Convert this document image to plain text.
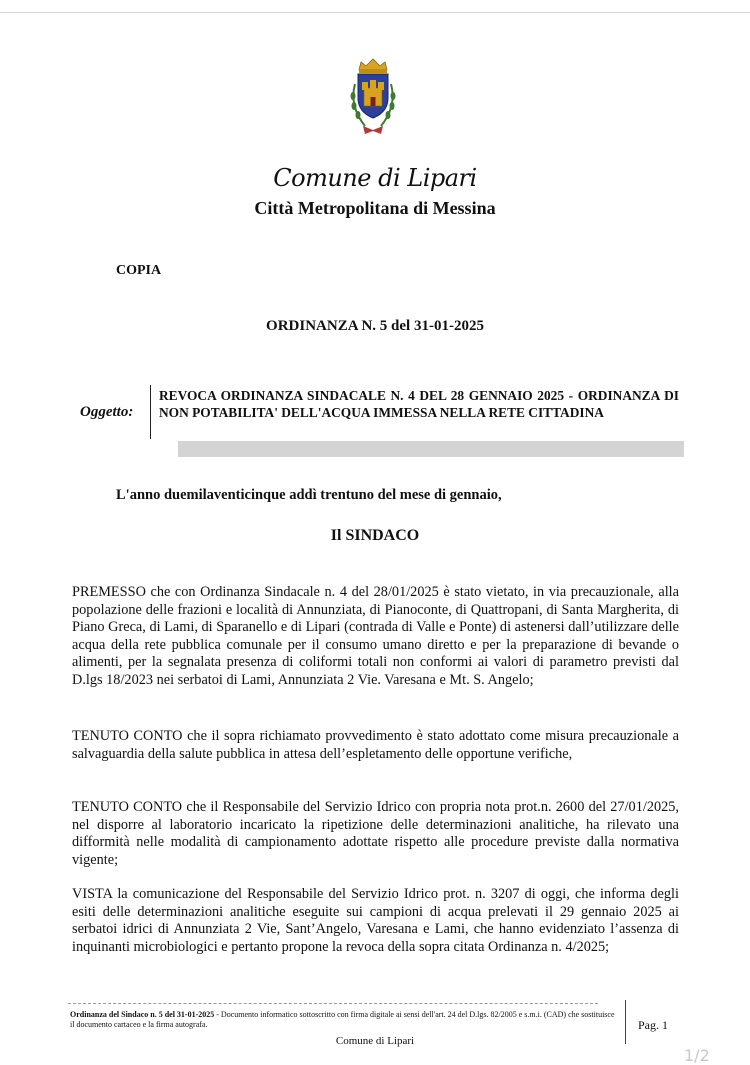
Comune di Lipari
Città Metropolitana di Messina
COPIA
ORDINANZA N. 5 del 31-01-2025
Oggetto:
REVOCA ORDINANZA SINDACALE N. 4 DEL 28 GENNAIO 2025 - ORDINANZA DI NON POTABILITA' DELL'ACQUA IMMESSA NELLA RETE CITTADINA
L'anno duemilaventicinque addì trentuno del mese di gennaio,
Il SINDACO

PREMESSO che con Ordinanza Sindacale n. 4 del 28/01/2025 è stato vietato, in via precauzionale, alla popolazione delle frazioni e località di Annunziata, di Pianoconte, di Quattropani, di Santa Margherita, di Piano Greca, di Lami, di Sparanello e di Lipari (contrada di Valle e Ponte) di astenersi dall’utilizzare delle acqua della rete pubblica comunale per il consumo umano diretto e per la preparazione di bevande o alimenti, per la segnalata presenza di coliformi totali non conformi ai valori di parametro previsti dal D.lgs 18/2023 nei serbatoi di Lami, Annunziata 2 Vie. Varesana e Mt. S. Angelo;

TENUTO CONTO che il sopra richiamato provvedimento è stato adottato come misura precauzionale a salvaguardia della salute pubblica in attesa dell’espletamento delle opportune verifiche,

TENUTO CONTO che il Responsabile del Servizio Idrico con propria nota prot.n. 2600 del 27/01/2025, nel disporre al laboratorio incaricato la ripetizione delle determinazioni analitiche, ha rilevato una difformità nelle modalità di campionamento adottate rispetto alle procedure previste dalla normativa vigente;

VISTA la comunicazione del Responsabile del Servizio Idrico prot. n. 3207 di oggi, che informa degli esiti delle determinazioni analitiche eseguite sui campioni di acqua prelevati il 29 gennaio 2025 ai serbatoi idrici di Annunziata 2 Vie, Sant’Angelo, Varesana e Lami, che hanno evidenziato l’assenza di inquinanti microbiologici e pertanto propone la revoca della sopra citata Ordinanza n. 4/2025;

Ordinanza del Sindaco n. 5 del 31-01-2025 - Documento informatico sottoscritto con firma digitale ai sensi dell'art. 24 del D.lgs. 82/2005 e s.m.i. (CAD) che sostituisce il documento cartaceo e la firma autografa.	Pag. 1
Comune di Lipari
1/2
